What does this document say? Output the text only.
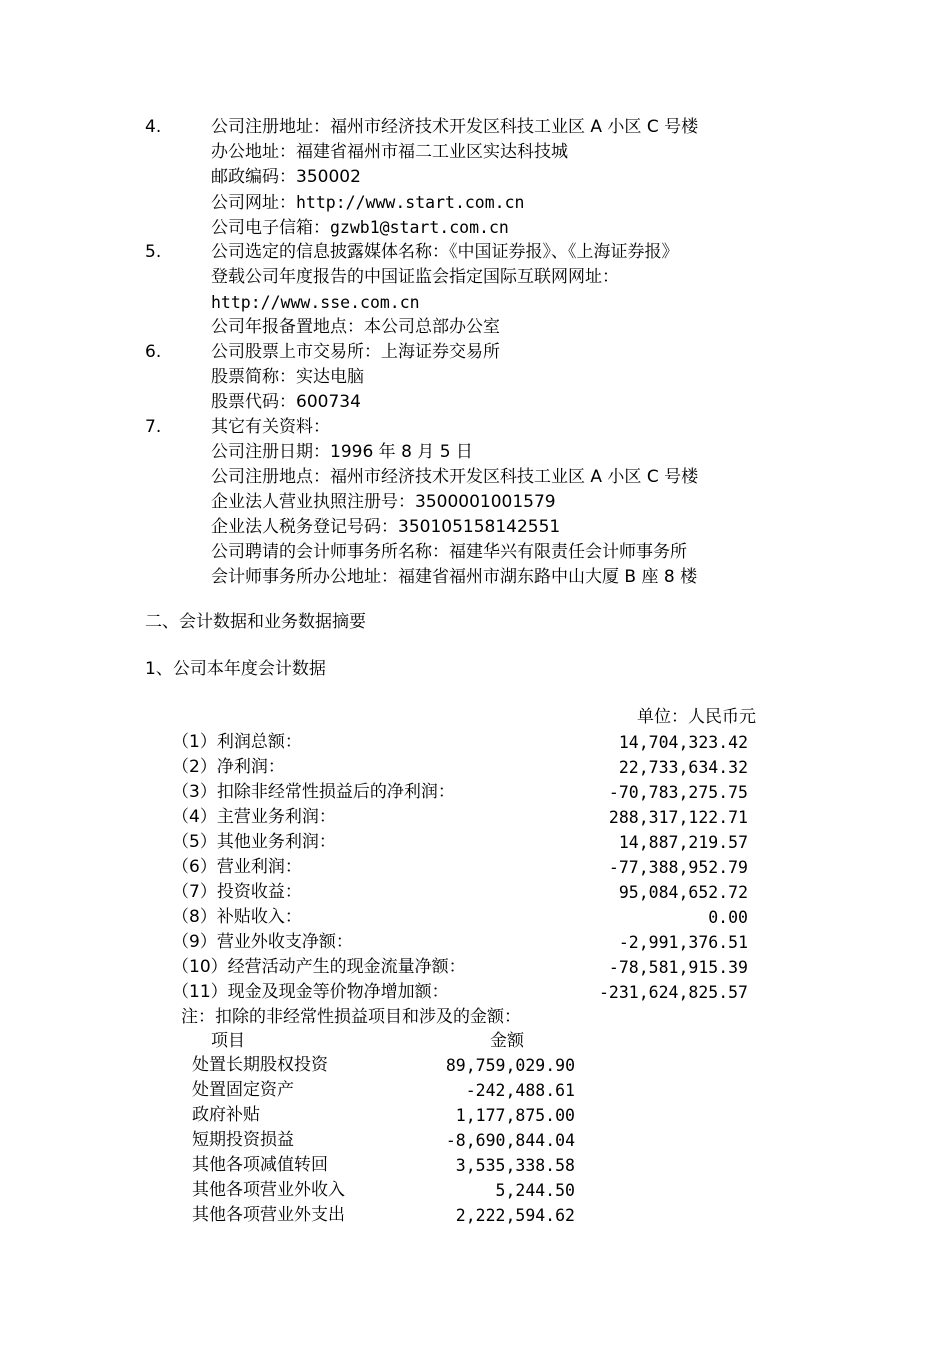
4.	公司注册地址：福州市经济技术开发区科技工业区 A 小区 C 号楼
办公地址：福建省福州市福二工业区实达科技城
邮政编码：350002
公司网址：http://www.start.com.cn
公司电子信箱：gzwb1@start.com.cn
5.	公司选定的信息披露媒体名称：《中国证券报》、《上海证券报》
登载公司年度报告的中国证监会指定国际互联网网址：
http://www.sse.com.cn
公司年报备置地点：本公司总部办公室
6.	公司股票上市交易所：上海证券交易所
股票简称：实达电脑
股票代码：600734
7.	其它有关资料：
公司注册日期：1996 年 8 月 5 日
公司注册地点：福州市经济技术开发区科技工业区 A 小区 C 号楼
企业法人营业执照注册号：3500001001579
企业法人税务登记号码：350105158142551
公司聘请的会计师事务所名称：福建华兴有限责任会计师事务所
会计师事务所办公地址：福建省福州市湖东路中山大厦 B 座 8 楼
二、会计数据和业务数据摘要
1、公司本年度会计数据
单位：人民币元
（1）利润总额：	14,704,323.42
（2）净利润：	22,733,634.32
（3）扣除非经常性损益后的净利润：	-70,783,275.75
（4）主营业务利润：	288,317,122.71
（5）其他业务利润：	14,887,219.57
（6）营业利润：	-77,388,952.79
（7）投资收益：	95,084,652.72
（8）补贴收入：	0.00
（9）营业外收支净额：	-2,991,376.51
（10）经营活动产生的现金流量净额：	-78,581,915.39
（11）现金及现金等价物净增加额：	-231,624,825.57
注：扣除的非经常性损益项目和涉及的金额：
项目	金额
处置长期股权投资	89,759,029.90
处置固定资产	-242,488.61
政府补贴	1,177,875.00
短期投资损益	-8,690,844.04
其他各项减值转回	3,535,338.58
其他各项营业外收入	5,244.50
其他各项营业外支出	2,222,594.62
